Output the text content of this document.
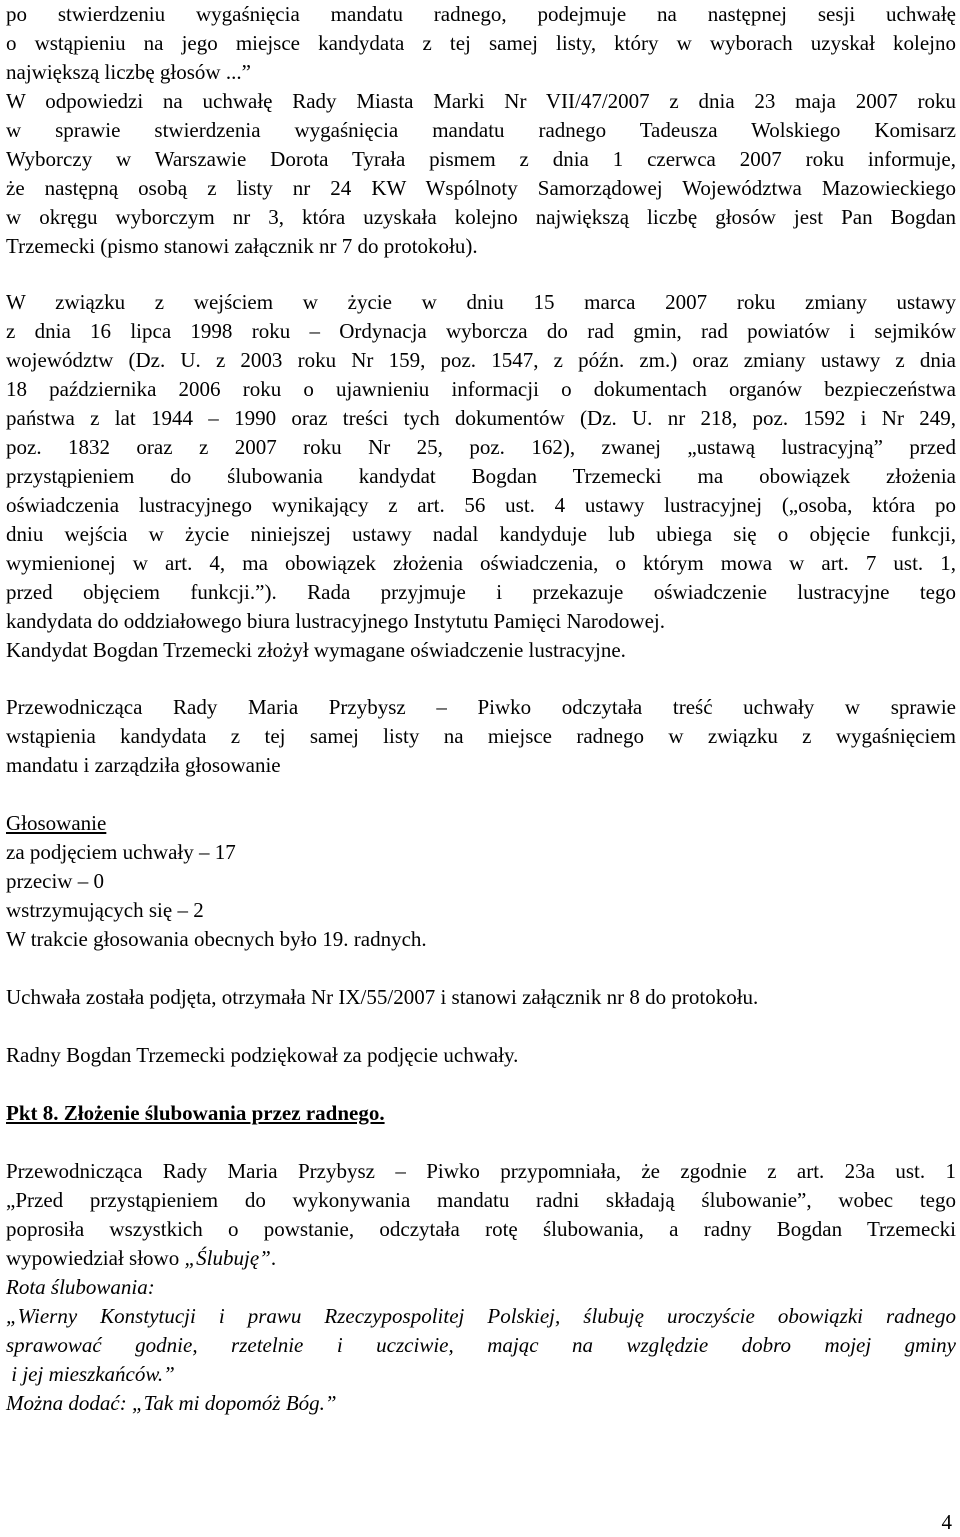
po stwierdzeniu wygaśnięcia mandatu radnego, podejmuje na następnej sesji uchwałę
o wstąpieniu na jego miejsce kandydata z tej samej listy, który w wyborach uzyskał kolejno
największą liczbę głosów ...”
W odpowiedzi na uchwałę Rady Miasta Marki Nr VII/47/2007 z dnia 23 maja 2007 roku
w sprawie stwierdzenia wygaśnięcia mandatu radnego Tadeusza Wolskiego Komisarz
Wyborczy w Warszawie Dorota Tyrała pismem z dnia 1 czerwca 2007 roku informuje,
że następną osobą z listy nr 24 KW Wspólnoty Samorządowej Województwa Mazowieckiego
w okręgu wyborczym nr 3, która uzyskała kolejno największą liczbę głosów jest Pan Bogdan
Trzemecki (pismo stanowi załącznik nr 7 do protokołu).
W związku z wejściem w życie w dniu 15 marca 2007 roku zmiany ustawy
z dnia 16 lipca 1998 roku – Ordynacja wyborcza do rad gmin, rad powiatów i sejmików
województw (Dz. U. z 2003 roku Nr 159, poz. 1547, z późn. zm.) oraz zmiany ustawy z dnia
18 października 2006 roku o ujawnieniu informacji o dokumentach organów bezpieczeństwa
państwa z lat 1944 – 1990 oraz treści tych dokumentów (Dz. U. nr 218, poz. 1592 i Nr 249,
poz. 1832 oraz z 2007 roku Nr 25, poz. 162), zwanej „ustawą lustracyjną” przed
przystąpieniem do ślubowania kandydat Bogdan Trzemecki ma obowiązek złożenia
oświadczenia lustracyjnego wynikający z art. 56 ust. 4 ustawy lustracyjnej („osoba, która po
dniu wejścia w życie niniejszej ustawy nadal kandyduje lub ubiega się o objęcie funkcji,
wymienionej w art. 4, ma obowiązek złożenia oświadczenia, o którym mowa w art. 7 ust. 1,
przed objęciem funkcji.”). Rada przyjmuje i przekazuje oświadczenie lustracyjne tego
kandydata do oddziałowego biura lustracyjnego Instytutu Pamięci Narodowej.
Kandydat Bogdan Trzemecki złożył wymagane oświadczenie lustracyjne.
Przewodnicząca Rady Maria Przybysz – Piwko odczytała treść uchwały w sprawie
wstąpienia kandydata z tej samej listy na miejsce radnego w związku z wygaśnięciem
mandatu i zarządziła głosowanie
Głosowanie
za podjęciem uchwały – 17
przeciw – 0
wstrzymujących się – 2
W trakcie głosowania obecnych było 19. radnych.
Uchwała została podjęta, otrzymała Nr IX/55/2007 i stanowi załącznik nr 8 do protokołu.
Radny Bogdan Trzemecki podziękował za podjęcie uchwały.
Pkt 8. Złożenie ślubowania przez radnego.
Przewodnicząca Rady Maria Przybysz – Piwko przypomniała, że zgodnie z art. 23a ust. 1
„Przed przystąpieniem do wykonywania mandatu radni składają ślubowanie”, wobec tego
poprosiła wszystkich o powstanie, odczytała rotę ślubowania, a radny Bogdan Trzemecki
wypowiedział słowo „Ślubuję”.
Rota ślubowania:
„Wierny Konstytucji i prawu Rzeczypospolitej Polskiej, ślubuję uroczyście obowiązki radnego
sprawować godnie, rzetelnie i uczciwie, mając na względzie dobro mojej gminy
i jej mieszkańców.”
Można dodać: „Tak mi dopomóż Bóg.”
4
